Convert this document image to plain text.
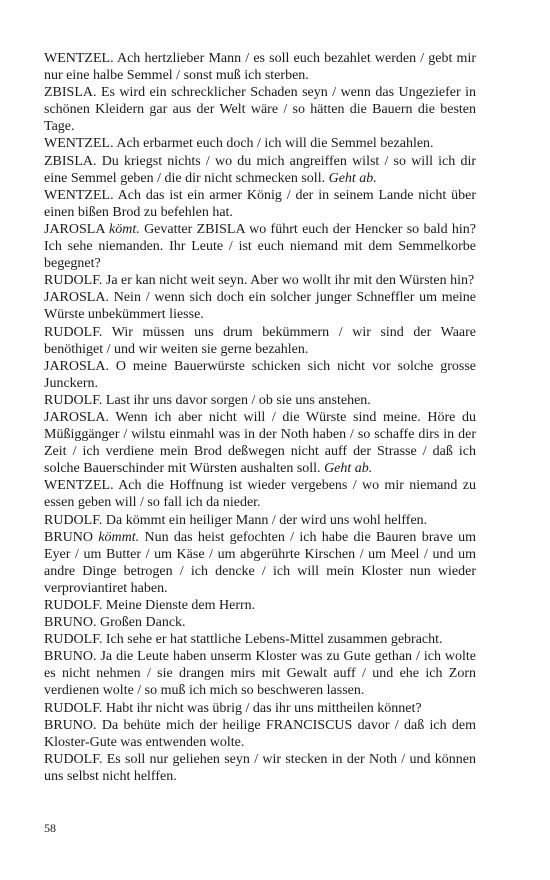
WENTZEL. Ach hertzlieber Mann / es soll euch bezahlet werden / gebt mir nur eine halbe Semmel / sonst muß ich sterben.

ZBISLA. Es wird ein schrecklicher Schaden seyn / wenn das Ungeziefer in schönen Kleidern gar aus der Welt wäre / so hätten die Bauern die besten Tage.

WENTZEL. Ach erbarmet euch doch / ich will die Semmel bezahlen.

ZBISLA. Du kriegst nichts / wo du mich angreiffen wilst / so will ich dir eine Semmel geben / die dir nicht schmecken soll. Geht ab.

WENTZEL. Ach das ist ein armer König / der in seinem Lande nicht über einen bißen Brod zu befehlen hat.

JAROSLA kömt. Gevatter ZBISLA wo führt euch der Hencker so bald hin? Ich sehe niemanden. Ihr Leute / ist euch niemand mit dem Semmelkorbe begegnet?

RUDOLF. Ja er kan nicht weit seyn. Aber wo wollt ihr mit den Würsten hin?

JAROSLA. Nein / wenn sich doch ein solcher junger Schneffler um meine Würste unbekümmert liesse.

RUDOLF. Wir müssen uns drum bekümmern / wir sind der Waare benöthiget / und wir weiten sie gerne bezahlen.

JAROSLA. O meine Bauerwürste schicken sich nicht vor solche grosse Junckern.

RUDOLF. Last ihr uns davor sorgen / ob sie uns anstehen.

JAROSLA. Wenn ich aber nicht will / die Würste sind meine. Höre du Müßiggänger / wilstu einmahl was in der Noth haben / so schaffe dirs in der Zeit / ich verdiene mein Brod deßwegen nicht auff der Strasse / daß ich solche Bauerschinder mit Würsten aushalten soll. Geht ab.

WENTZEL. Ach die Hoffnung ist wieder vergebens / wo mir niemand zu essen geben will / so fall ich da nieder.

RUDOLF. Da kömmt ein heiliger Mann / der wird uns wohl helffen.

BRUNO kömmt. Nun das heist gefochten / ich habe die Bauren brave um Eyer / um Butter / um Käse / um abgerührte Kirschen / um Meel / und um andre Dinge betrogen / ich dencke / ich will mein Kloster nun wieder verproviantiret haben.

RUDOLF. Meine Dienste dem Herrn.

BRUNO. Großen Danck.

RUDOLF. Ich sehe er hat stattliche Lebens-Mittel zusammen gebracht.

BRUNO. Ja die Leute haben unserm Kloster was zu Gute gethan / ich wolte es nicht nehmen / sie drangen mirs mit Gewalt auff / und ehe ich Zorn verdienen wolte / so muß ich mich so beschweren lassen.

RUDOLF. Habt ihr nicht was übrig / das ihr uns mittheilen könnet?

BRUNO. Da behüte mich der heilige FRANCISCUS davor / daß ich dem Kloster-Gute was entwenden wolte.

RUDOLF. Es soll nur geliehen seyn / wir stecken in der Noth / und können uns selbst nicht helffen.

58
